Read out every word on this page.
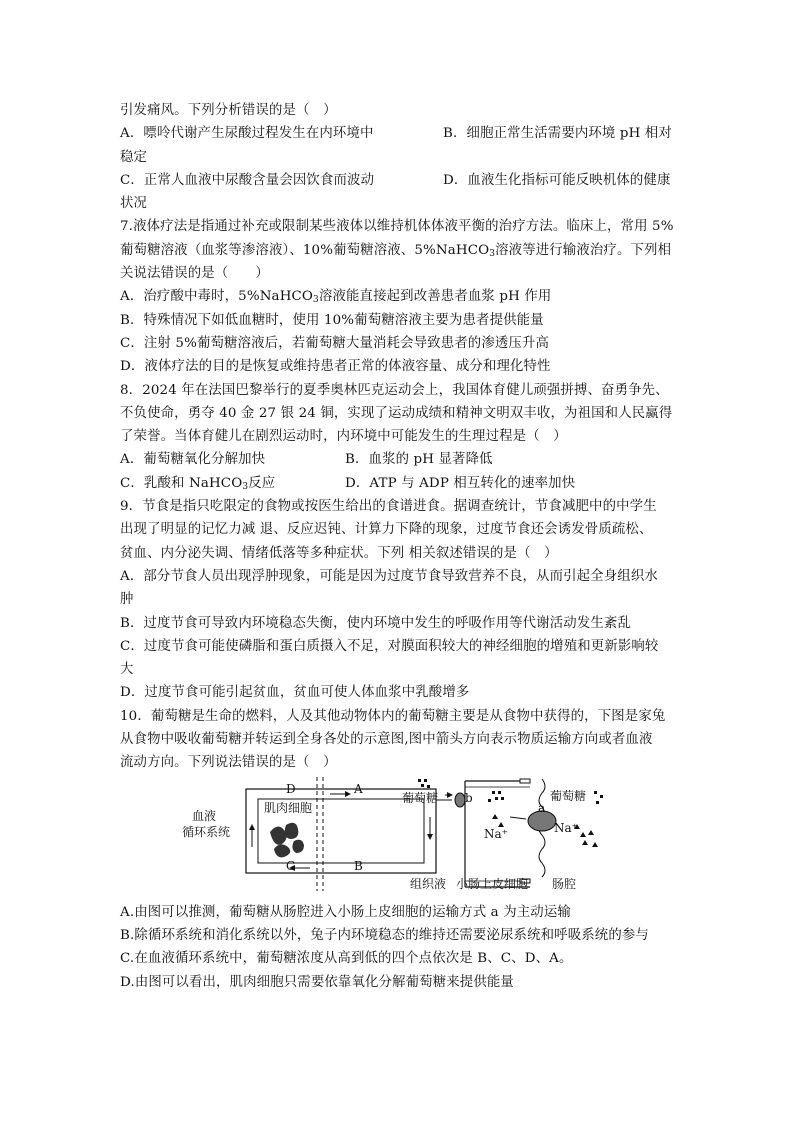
引发痛风。下列分析错误的是（　）
A．嘌呤代谢产生尿酸过程发生在内环境中	B．细胞正常生活需要内环境 pH 相对
稳定
C．正常人血液中尿酸含量会因饮食而波动	D．血液生化指标可能反映机体的健康
状况
7.液体疗法是指通过补充或限制某些液体以维持机体体液平衡的治疗方法。临床上，常用 5%
葡萄糖溶液（血浆等渗溶液）、10%葡萄糖溶液、5%NaHCO$_3$溶液等进行输液治疗。下列相
关说法错误的是（　　）
A．治疗酸中毒时，5%NaHCO$_3$溶液能直接起到改善患者血浆 pH 作用
B．特殊情况下如低血糖时，使用 10%葡萄糖溶液主要为患者提供能量
C．注射 5%葡萄糖溶液后，若葡萄糖大量消耗会导致患者的渗透压升高
D．液体疗法的目的是恢复或维持患者正常的体液容量、成分和理化特性
8．2024 年在法国巴黎举行的夏季奥林匹克运动会上，我国体育健儿顽强拼搏、奋勇争先、
不负使命，勇夺 40 金 27 银 24 铜，实现了运动成绩和精神文明双丰收，为祖国和人民赢得
了荣誉。当体育健儿在剧烈运动时，内环境中可能发生的生理过程是（　）
A．葡萄糖氧化分解加快	B．血浆的 pH 显著降低
C．乳酸和 NaHCO$_3$反应	D．ATP 与 ADP 相互转化的速率加快
9．节食是指只吃限定的食物或按医生给出的食谱进食。据调查统计，节食减肥中的中学生
出现了明显的记忆力减 退、反应迟钝、计算力下降的现象，过度节食还会诱发骨质疏松、
贫血、内分泌失调、情绪低落等多种症状。下列 相关叙述错误的是（　）
A．部分节食人员出现浮肿现象，可能是因为过度节食导致营养不良，从而引起全身组织水
肿
B．过度节食可导致内环境稳态失衡，使内环境中发生的呼吸作用等代谢活动发生紊乱
C．过度节食可能使磷脂和蛋白质摄入不足，对膜面积较大的神经细胞的增殖和更新影响较
大
D．过度节食可能引起贫血，贫血可使人体血浆中乳酸增多
10．葡萄糖是生命的燃料，人及其他动物体内的葡萄糖主要是从食物中获得的，下图是家兔
从食物中吸收葡萄糖并转运到全身各处的示意图,图中箭头方向表示物质运输方向或者血液
流动方向。下列说法错误的是（　）
血液
循环系统
肌肉细胞
D	A
C	B
葡萄糖 b
a
葡萄糖
Na⁺	Na⁺
组织液 小肠上皮细胞 肠腔
A.由图可以推测，葡萄糖从肠腔进入小肠上皮细胞的运输方式 a 为主动运输
B.除循环系统和消化系统以外，兔子内环境稳态的维持还需要泌尿系统和呼吸系统的参与
C.在血液循环系统中，葡萄糖浓度从高到低的四个点依次是 B、C、D、A。
D.由图可以看出，肌肉细胞只需要依靠氧化分解葡萄糖来提供能量
